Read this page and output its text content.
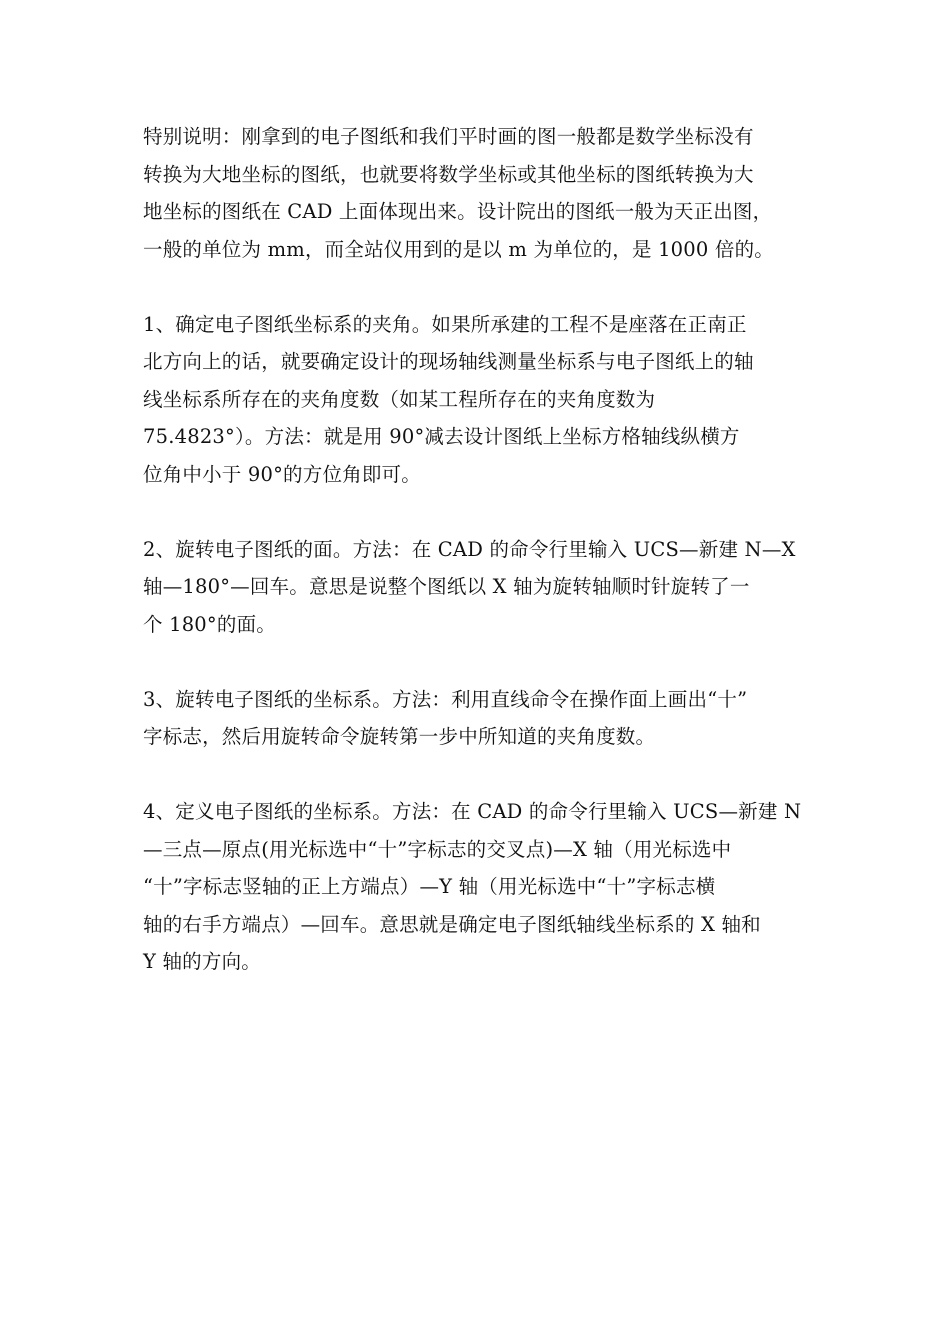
特别说明：刚拿到的电子图纸和我们平时画的图一般都是数学坐标没有
转换为大地坐标的图纸，也就要将数学坐标或其他坐标的图纸转换为大
地坐标的图纸在 CAD 上面体现出来。设计院出的图纸一般为天正出图，
一般的单位为 mm，而全站仪用到的是以 m 为单位的，是 1000 倍的。

1、确定电子图纸坐标系的夹角。如果所承建的工程不是座落在正南正
北方向上的话，就要确定设计的现场轴线测量坐标系与电子图纸上的轴
线坐标系所存在的夹角度数（如某工程所存在的夹角度数为
75.4823°）。方法：就是用 90°减去设计图纸上坐标方格轴线纵横方
位角中小于 90°的方位角即可。

2、旋转电子图纸的面。方法：在 CAD 的命令行里输入 UCS—新建 N—X
轴—180°—回车。意思是说整个图纸以 X 轴为旋转轴顺时针旋转了一
个 180°的面。

3、旋转电子图纸的坐标系。方法：利用直线命令在操作面上画出“十”
字标志，然后用旋转命令旋转第一步中所知道的夹角度数。

4、定义电子图纸的坐标系。方法：在 CAD 的命令行里输入 UCS—新建 N
—三点—原点(用光标选中“十”字标志的交叉点)—X 轴（用光标选中
“十”字标志竖轴的正上方端点）—Y 轴（用光标选中“十”字标志横
轴的右手方端点）—回车。意思就是确定电子图纸轴线坐标系的 X 轴和
Y 轴的方向。
